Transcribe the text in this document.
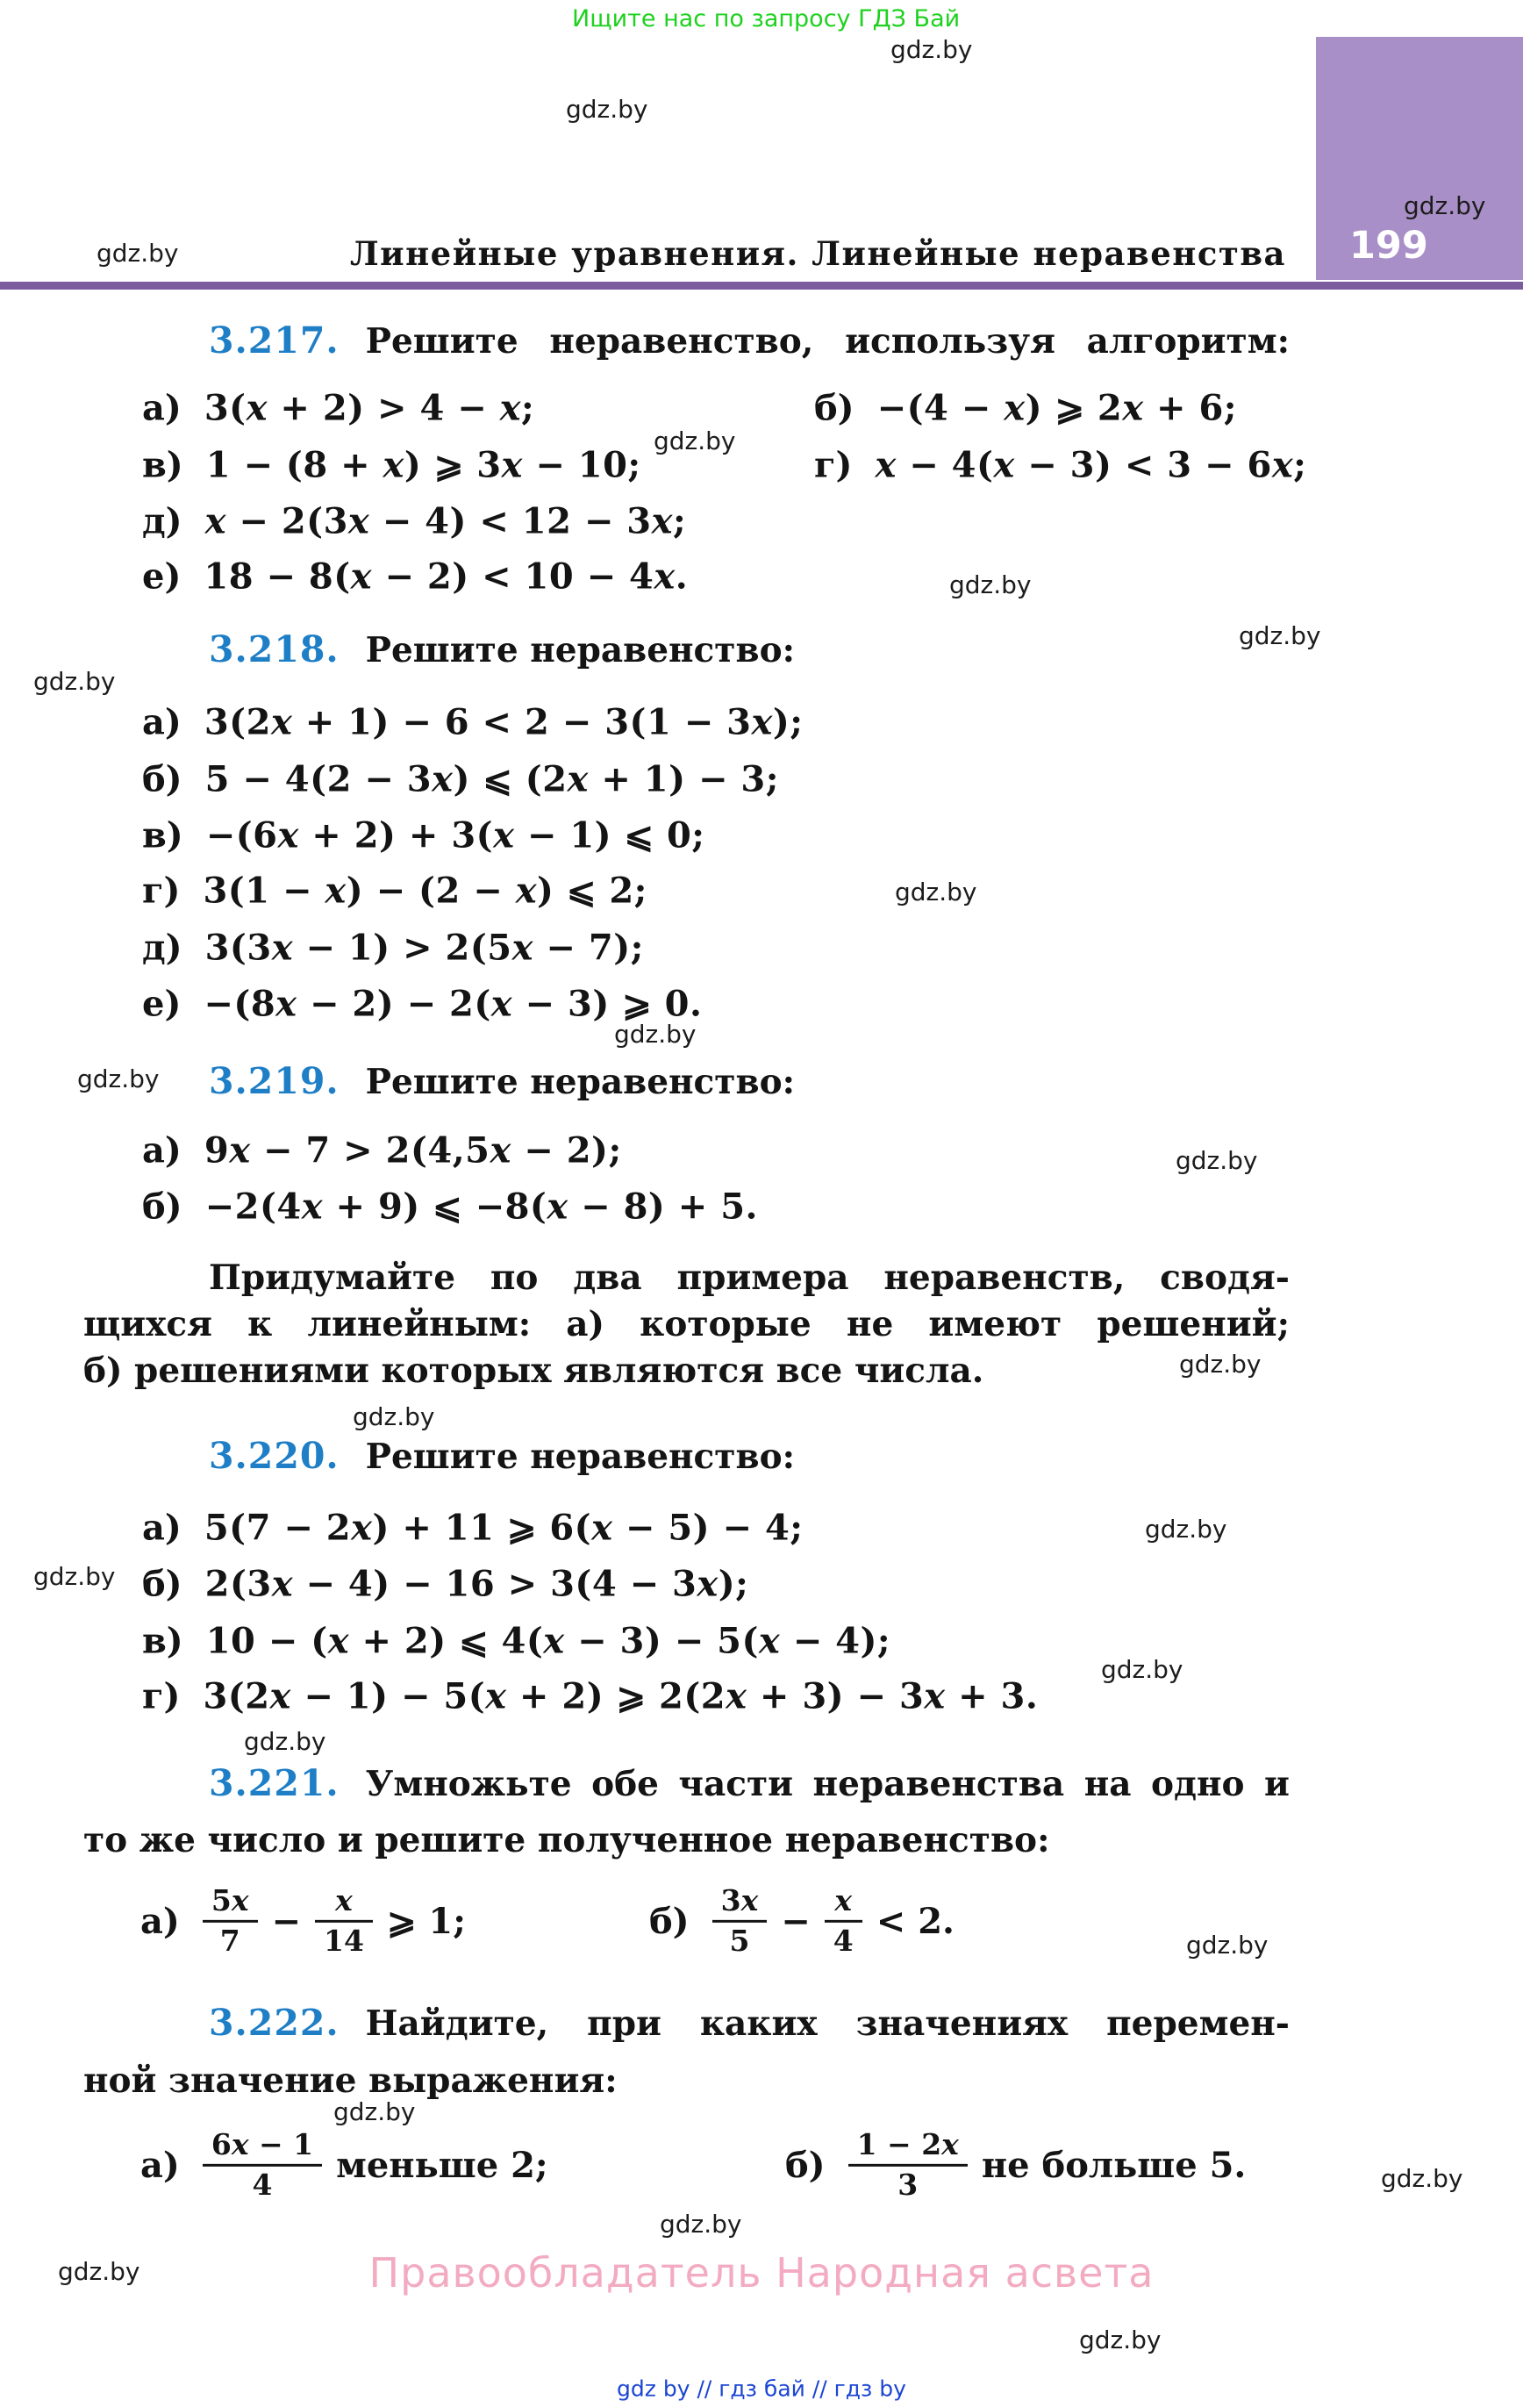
Ищите нас по запросу ГДЗ Бай
199
Линейные уравнения. Линейные неравенства
gdz.by
gdz.by
gdz.by
gdz.by
gdz.by
gdz.by
gdz.by
gdz.by
gdz.by
gdz.by
gdz.by
gdz.by
gdz.by
gdz.by
gdz.by
gdz.by
gdz.by
gdz.by
gdz.by
gdz.by
gdz.by
gdz.by
gdz.by
gdz.by
3.217. Решите неравенство, используя алгоритм:
а) 3(x + 2) > 4 − x;	б) −(4 − x) ⩾ 2x + 6;
в) 1 − (8 + x) ⩾ 3x − 10;	г) x − 4(x − 3) < 3 − 6x;
д) x − 2(3x − 4) < 12 − 3x;
е) 18 − 8(x − 2) < 10 − 4x.
3.218. Решите неравенство:
а) 3(2x + 1) − 6 < 2 − 3(1 − 3x);
б) 5 − 4(2 − 3x) ⩽ (2x + 1) − 3;
в) −(6x + 2) + 3(x − 1) ⩽ 0;
г) 3(1 − x) − (2 − x) ⩽ 2;
д) 3(3x − 1) > 2(5x − 7);
е) −(8x − 2) − 2(x − 3) ⩾ 0.
3.219. Решите неравенство:
а) 9x − 7 > 2(4,5x − 2);
б) −2(4x + 9) ⩽ −8(x − 8) + 5.
Придумайте по два примера неравенств, сводя-
щихся к линейным: а) которые не имеют решений;
б) решениями которых являются все числа.
3.220. Решите неравенство:
а) 5(7 − 2x) + 11 ⩾ 6(x − 5) − 4;
б) 2(3x − 4) − 16 > 3(4 − 3x);
в) 10 − (x + 2) ⩽ 4(x − 3) − 5(x − 4);
г) 3(2x − 1) − 5(x + 2) ⩾ 2(2x + 3) − 3x + 3.
3.221. Умножьте обе части неравенства на одно и
то же число и решите полученное неравенство:
$а) \frac{5x}{7} - \frac{x}{14}$ ⩾ 1;	$б) \frac{3x}{5} - \frac{x}{4} < 2$.
3.222. Найдите, при каких значениях перемен-
ной значение выражения:
$а) \frac{6x - 1}{4}$ меньше 2;	$б) \frac{1 - 2x}{3}$ не больше 5.
Правообладатель Народная асвета
gdz by // гдз бай // гдз by
